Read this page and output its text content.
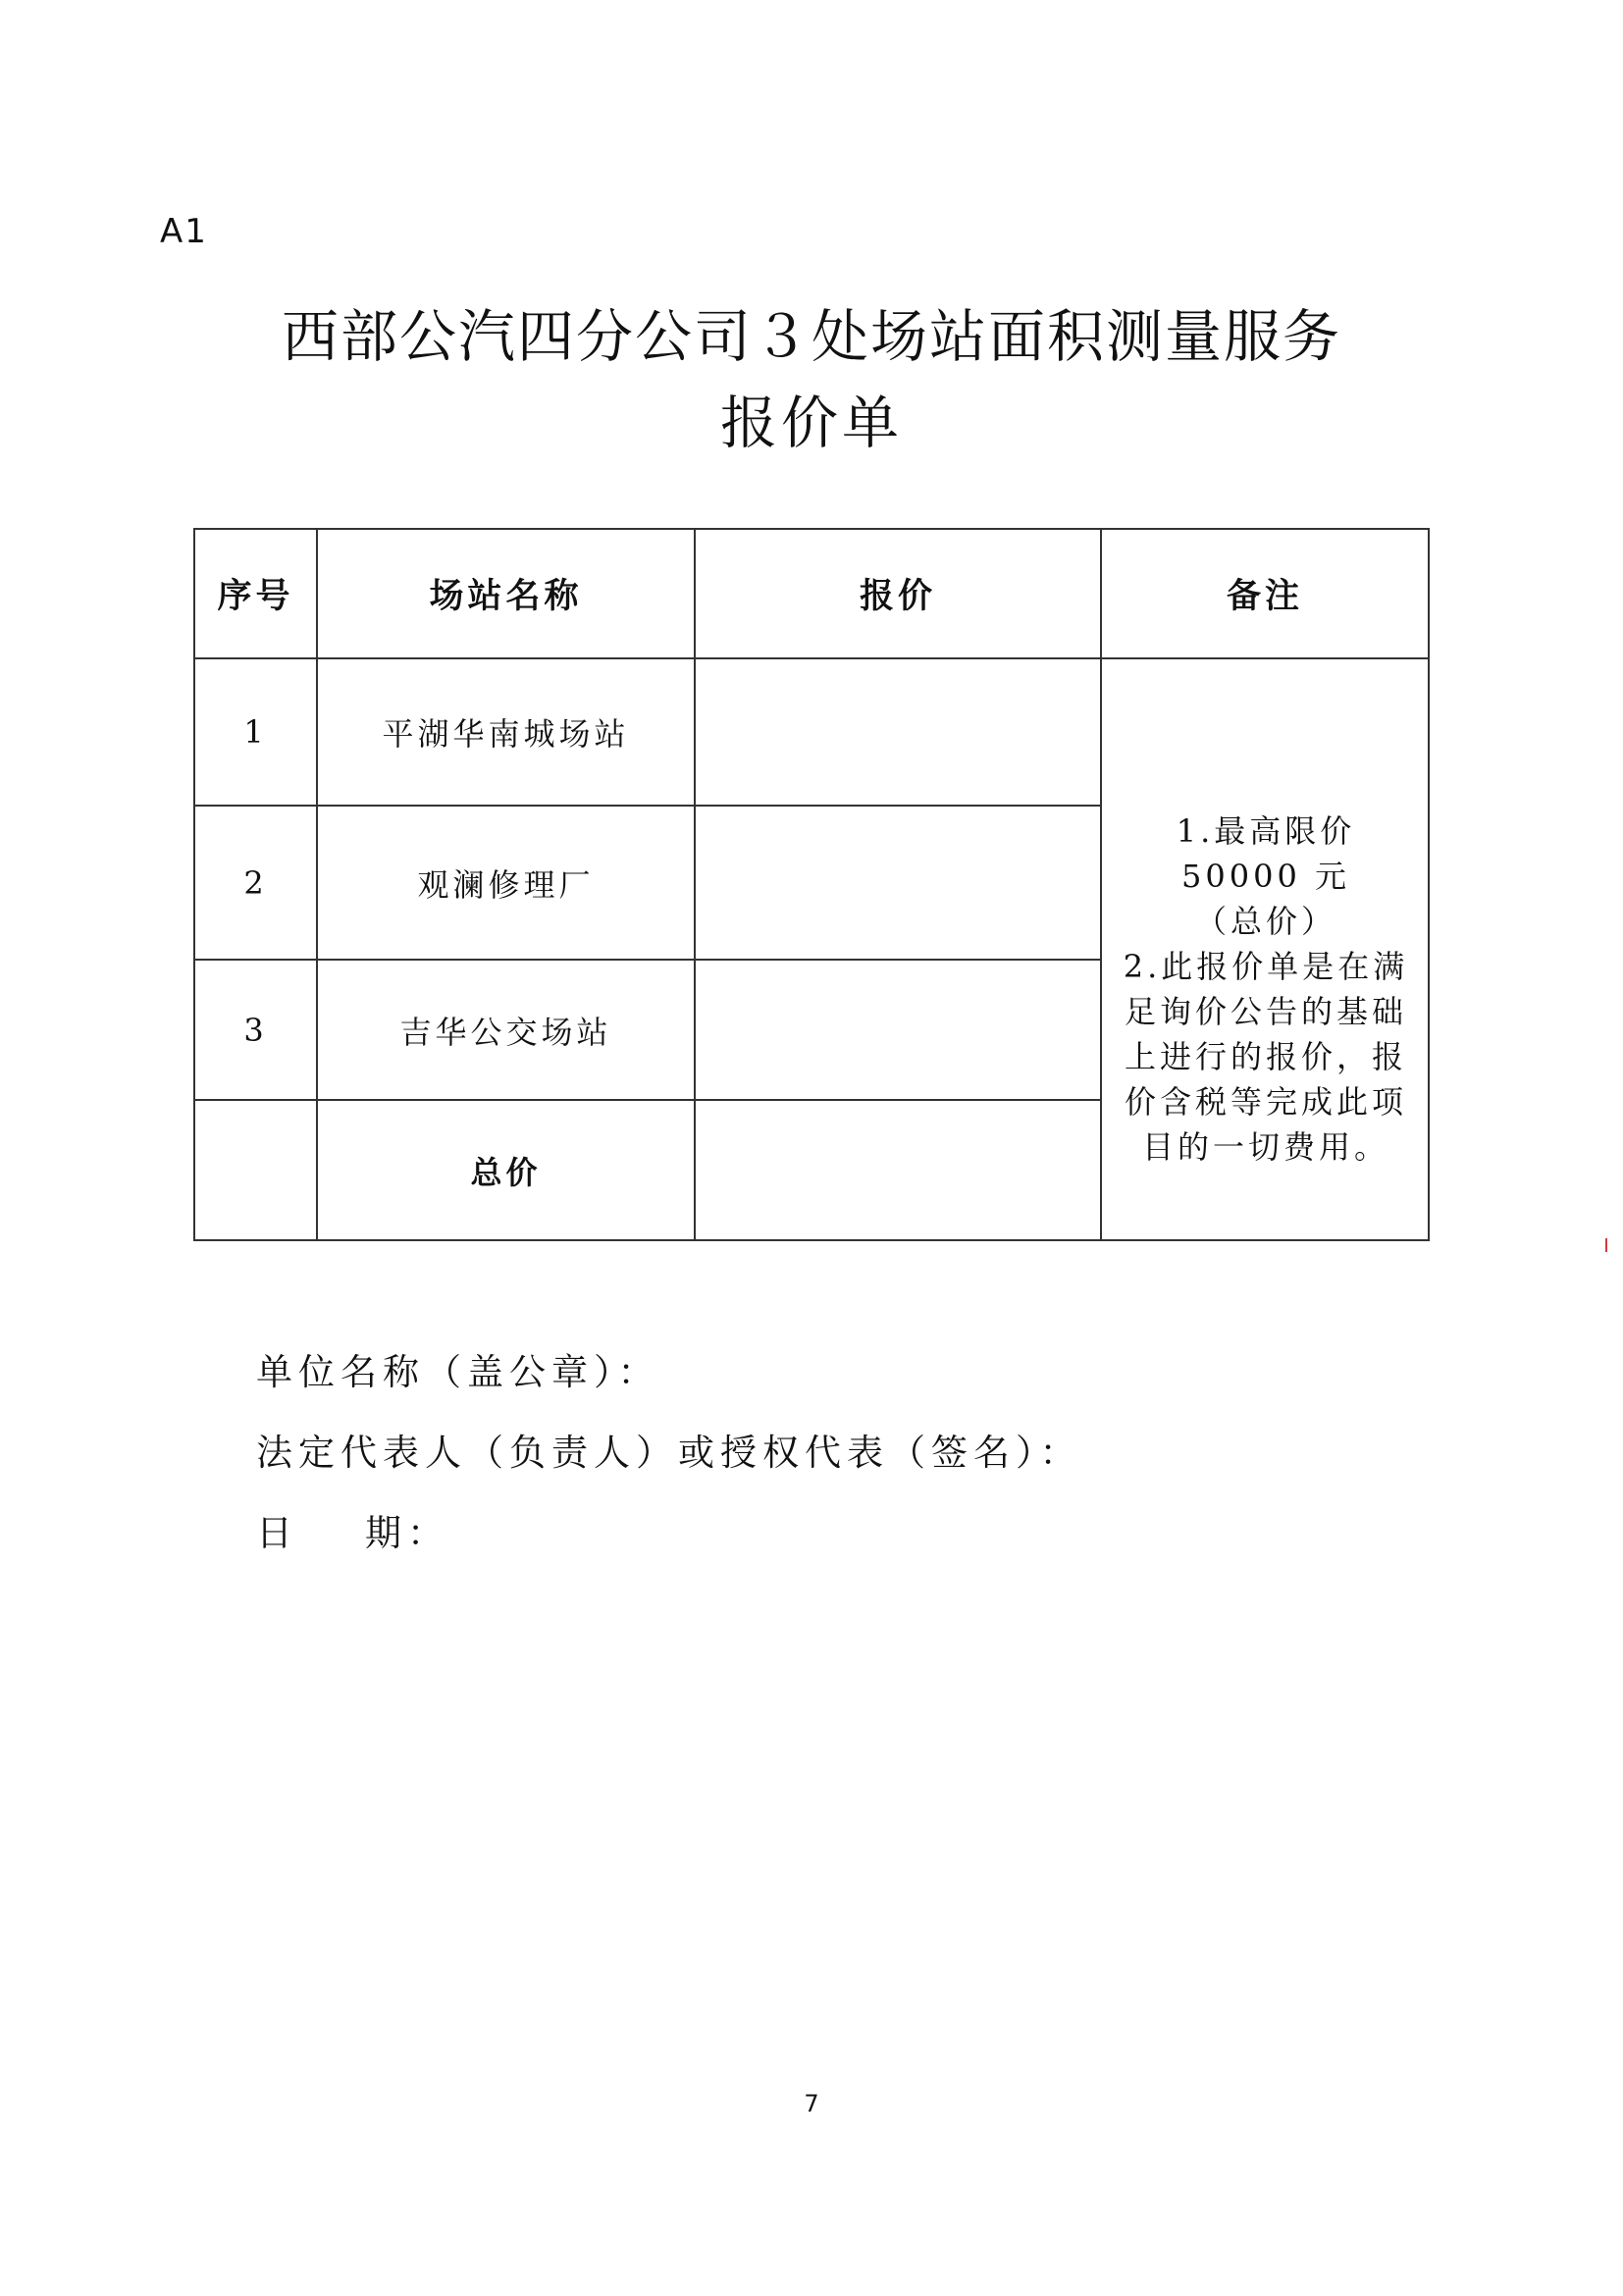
A1
西部公汽四分公司３处场站面积测量服务
报价单
序号	场站名称	报价	备注
1	平湖华南城场站		1.最高限价 50000 元
（总价）
2.此报价单是在满足询价公告的基础上进行的报价，报价含税等完成此项目的一切费用。

2	观澜修理厂		
3	吉华公交场站		
	总价		
单位名称（盖公章）：
法定代表人（负责人）或授权代表（签名）：
日 期：
7
